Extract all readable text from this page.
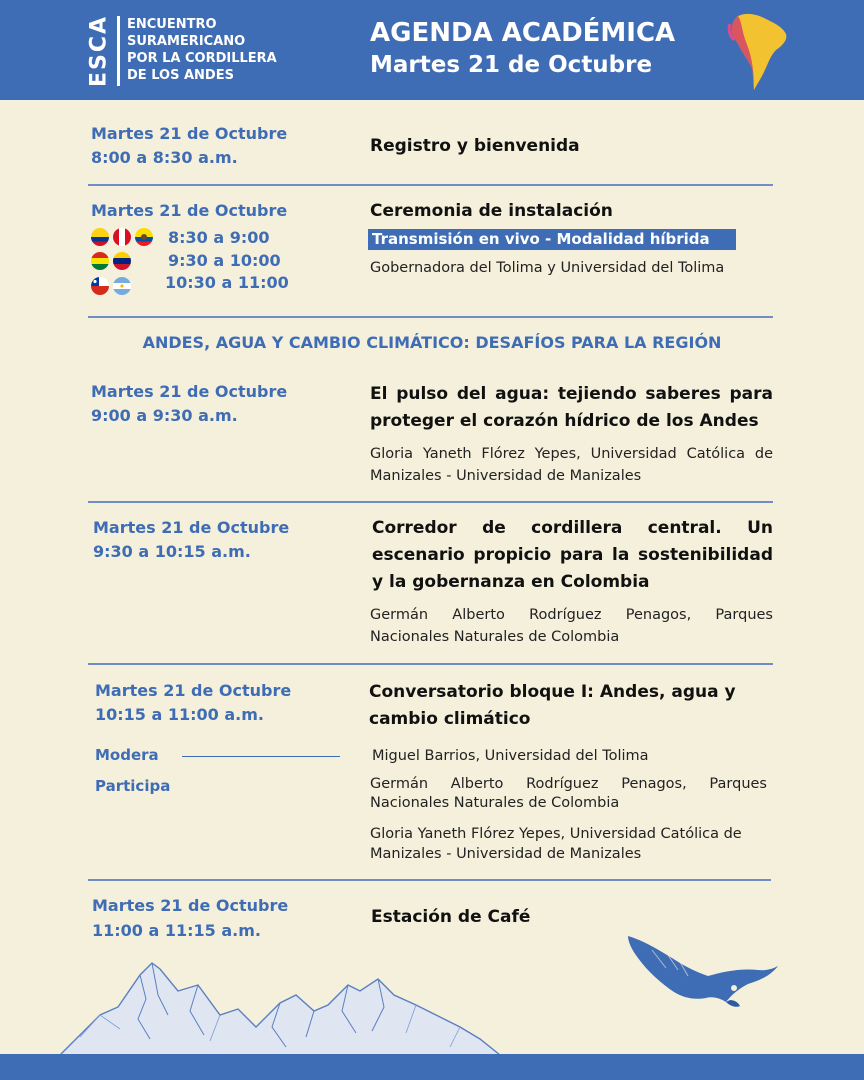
ESCA ENCUENTRO
SURAMERICANO
POR LA CORDILLERA
DE LOS ANDES
AGENDA ACADÉMICA
Martes 21 de Octubre
Martes 21 de Octubre
8:00 a 8:30 a.m.
Registro y bienvenida
Martes 21 de Octubre
8:30 a 9:00
9:30 a 10:00
10:30 a 11:00
Ceremonia de instalación
Transmisión en vivo - Modalidad híbrida
Gobernadora del Tolima y Universidad del Tolima
ANDES, AGUA Y CAMBIO CLIMÁTICO: DESAFÍOS PARA LA REGIÓN
Martes 21 de Octubre
9:00 a 9:30 a.m.
El pulso del agua: tejiendo saberes para proteger el corazón hídrico de los Andes
Gloria Yaneth Flórez Yepes, Universidad Católica de Manizales - Universidad de Manizales
Martes 21 de Octubre
9:30 a 10:15 a.m.
Corredor de cordillera central. Un escenario propicio para la sostenibilidad y la gobernanza en Colombia
Germán Alberto Rodríguez Penagos, Parques Nacionales Naturales de Colombia
Martes 21 de Octubre
10:15 a 11:00 a.m.
Conversatorio bloque I: Andes, agua y cambio climático
Modera
Participa
Miguel Barrios, Universidad del Tolima
Germán Alberto Rodríguez Penagos, Parques Nacionales Naturales de Colombia
Gloria Yaneth Flórez Yepes, Universidad Católica de Manizales - Universidad de Manizales
Martes 21 de Octubre
11:00 a 11:15 a.m.
Estación de Café
